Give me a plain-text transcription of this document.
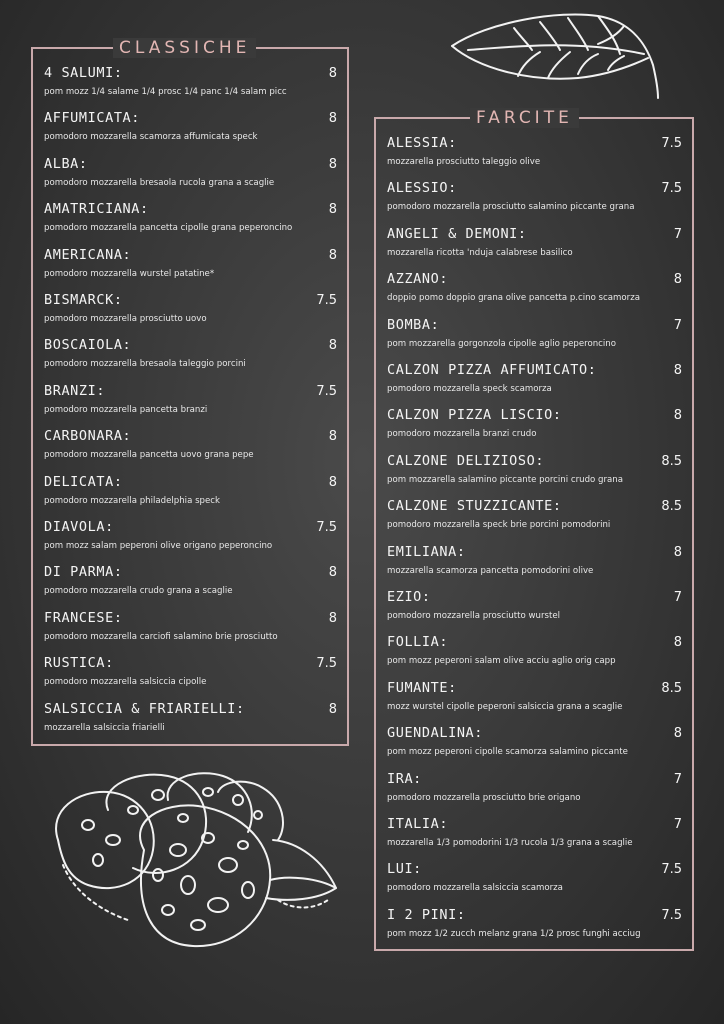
CLASSICHE
4 SALUMI:	8
pom mozz 1/4 salame 1/4 prosc 1/4 panc 1/4 salam picc
AFFUMICATA:	8
pomodoro mozzarella scamorza affumicata speck
ALBA:	8
pomodoro mozzarella bresaola rucola grana a scaglie
AMATRICIANA:	8
pomodoro mozzarella pancetta cipolle grana peperoncino
AMERICANA:	8
pomodoro mozzarella wurstel patatine*
BISMARCK:	7.5
pomodoro mozzarella prosciutto uovo
BOSCAIOLA:	8
pomodoro mozzarella bresaola taleggio porcini
BRANZI:	7.5
pomodoro mozzarella pancetta branzi
CARBONARA:	8
pomodoro mozzarella pancetta uovo grana pepe
DELICATA:	8
pomodoro mozzarella philadelphia speck
DIAVOLA:	7.5
pom mozz salam peperoni olive origano peperoncino
DI PARMA:	8
pomodoro mozzarella crudo grana a scaglie
FRANCESE:	8
pomodoro mozzarella carciofi salamino brie prosciutto
RUSTICA:	7.5
pomodoro mozzarella salsiccia cipolle
SALSICCIA & FRIARIELLI:	8
mozzarella salsiccia friarielli
FARCITE
ALESSIA:	7.5
mozzarella prosciutto taleggio olive
ALESSIO:	7.5
pomodoro mozzarella prosciutto salamino piccante grana
ANGELI & DEMONI:	7
mozzarella ricotta 'nduja calabrese basilico
AZZANO:	8
doppio pomo doppio grana olive pancetta p.cino scamorza
BOMBA:	7
pom mozzarella gorgonzola cipolle aglio peperoncino
CALZON PIZZA AFFUMICATO:	8
pomodoro mozzarella speck scamorza
CALZON PIZZA LISCIO:	8
pomodoro mozzarella branzi crudo
CALZONE DELIZIOSO:	8.5
pom mozzarella salamino piccante porcini crudo grana
CALZONE STUZZICANTE:	8.5
pomodoro mozzarella speck brie porcini pomodorini
EMILIANA:	8
mozzarella scamorza pancetta pomodorini olive
EZIO:	7
pomodoro mozzarella prosciutto wurstel
FOLLIA:	8
pom mozz peperoni salam olive acciu aglio orig capp
FUMANTE:	8.5
mozz wurstel cipolle peperoni salsiccia grana a scaglie
GUENDALINA:	8
pom mozz peperoni cipolle scamorza salamino piccante
IRA:	7
pomodoro mozzarella prosciutto brie origano
ITALIA:	7
mozzarella 1/3 pomodorini 1/3 rucola 1/3 grana a scaglie
LUI:	7.5
pomodoro mozzarella salsiccia scamorza
I 2 PINI:	7.5
pom mozz 1/2 zucch melanz grana 1/2 prosc funghi acciug
